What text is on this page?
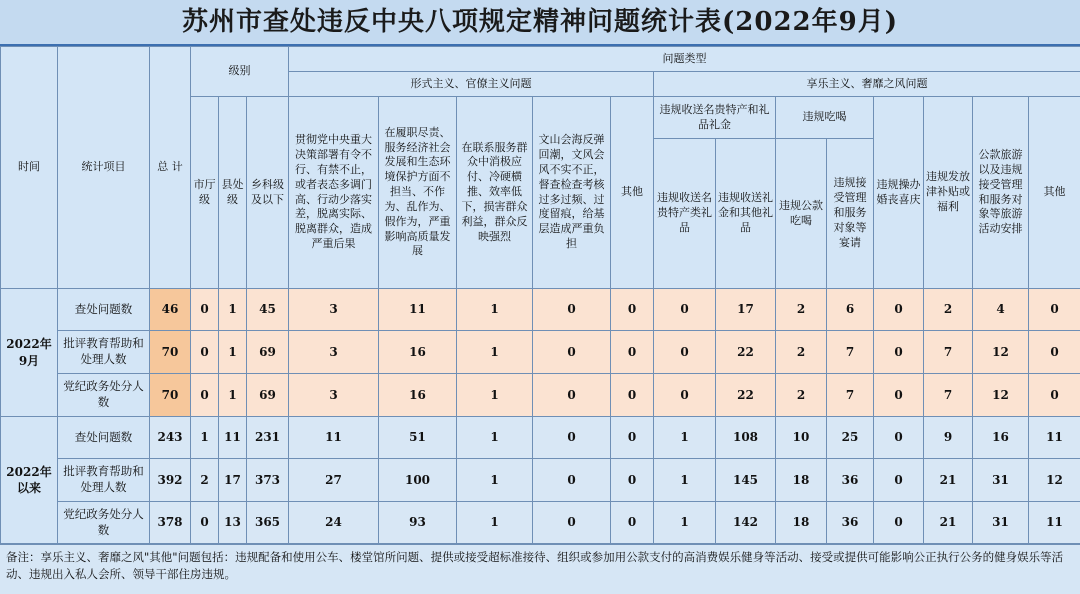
苏州市查处违反中央八项规定精神问题统计表(2022年9月)
时间	统计项目	总 计	级别			问题类型												
						形式主义、官僚主义问题					享乐主义、奢靡之风问题							
			市厅级	县处级	乡科级及以下	贯彻党中央重大决策部署有令不行、有禁不止，或者表态多调门高、行动少落实差，脱离实际、脱离群众，造成严重后果	在履职尽责、服务经济社会发展和生态环境保护方面不担当、不作为、乱作为、假作为，严重影响高质量发展	在联系服务群众中消极应付、冷硬横推、效率低下，损害群众利益，群众反映强烈	文山会海反弹回潮，文风会风不实不正，督查检查考核过多过频、过度留痕，给基层造成严重负担	其他	违规收送名贵特产和礼品礼金		违规吃喝		违规操办婚丧喜庆	违规发放津补贴或福利	公款旅游以及违规接受管理和服务对象等旅游活动安排	其他
											违规收送名贵特产类礼品	违规收送礼金和其他礼品	违规公款吃喝	违规接受管理和服务对象等宴请				
2022年9月	查处问题数	46	0	1	45	3	11	1	0	0	0	17	2	6	0	2	4	0
	批评教育帮助和处理人数	70	0	1	69	3	16	1	0	0	0	22	2	7	0	7	12	0
	党纪政务处分人数	70	0	1	69	3	16	1	0	0	0	22	2	7	0	7	12	0
2022年以来	查处问题数	243	1	11	231	11	51	1	0	0	1	108	10	25	0	9	16	11
	批评教育帮助和处理人数	392	2	17	373	27	100	1	0	0	1	145	18	36	0	21	31	12
	党纪政务处分人数	378	0	13	365	24	93	1	0	0	1	142	18	36	0	21	31	11
备注：享乐主义、奢靡之风"其他"问题包括：违规配备和使用公车、楼堂馆所问题、提供或接受超标准接待、组织或参加用公款支付的高消费娱乐健身等活动、接受或提供可能影响公正执行公务的健身娱乐等活动、违规出入私人会所、领导干部住房违规。
